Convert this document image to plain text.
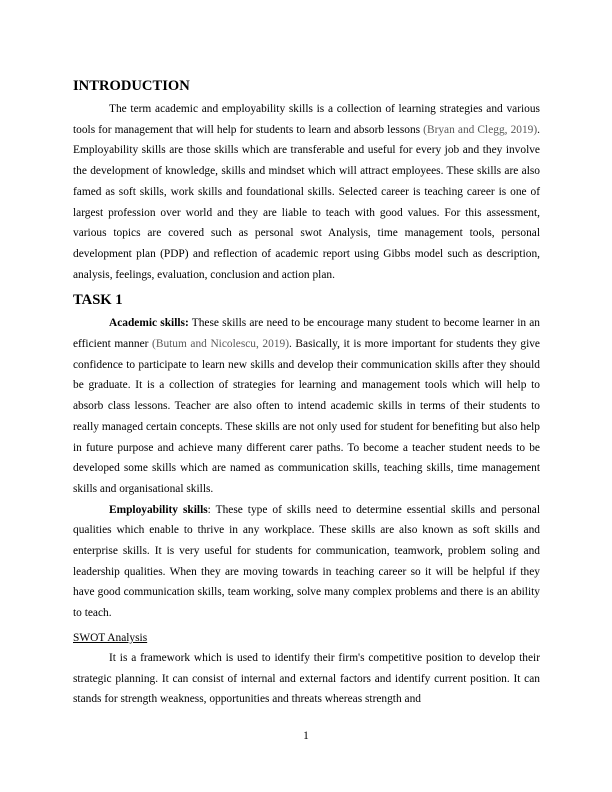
INTRODUCTION

The term academic and employability skills is a collection of learning strategies and various tools for management that will help for students to learn and absorb lessons (Bryan and Clegg, 2019). Employability skills are those skills which are transferable and useful for every job and they involve the development of knowledge, skills and mindset which will attract employees. These skills are also famed as soft skills, work skills and foundational skills. Selected career is teaching career is one of largest profession over world and they are liable to teach with good values. For this assessment, various topics are covered such as personal swot Analysis, time management tools, personal development plan (PDP) and reflection of academic report using Gibbs model such as description, analysis, feelings, evaluation, conclusion and action plan.

TASK 1

Academic skills: These skills are need to be encourage many student to become learner in an efficient manner (Butum and Nicolescu, 2019). Basically, it is more important for students they give confidence to participate to learn new skills and develop their communication skills after they should be graduate. It is a collection of strategies for learning and management tools which will help to absorb class lessons. Teacher are also often to intend academic skills in terms of their students to really managed certain concepts. These skills are not only used for student for benefiting but also help in future purpose and achieve many different carer paths. To become a teacher student needs to be developed some skills which are named as communication skills, teaching skills, time management skills and organisational skills.

Employability skills: These type of skills need to determine essential skills and personal qualities which enable to thrive in any workplace. These skills are also known as soft skills and enterprise skills. It is very useful for students for communication, teamwork, problem soling and leadership qualities. When they are moving towards in teaching career so it will be helpful if they have good communication skills, team working, solve many complex problems and there is an ability to teach.

SWOT Analysis

It is a framework which is used to identify their firm's competitive position to develop their strategic planning. It can consist of internal and external factors and identify current position. It can stands for strength weakness, opportunities and threats whereas strength and

1
